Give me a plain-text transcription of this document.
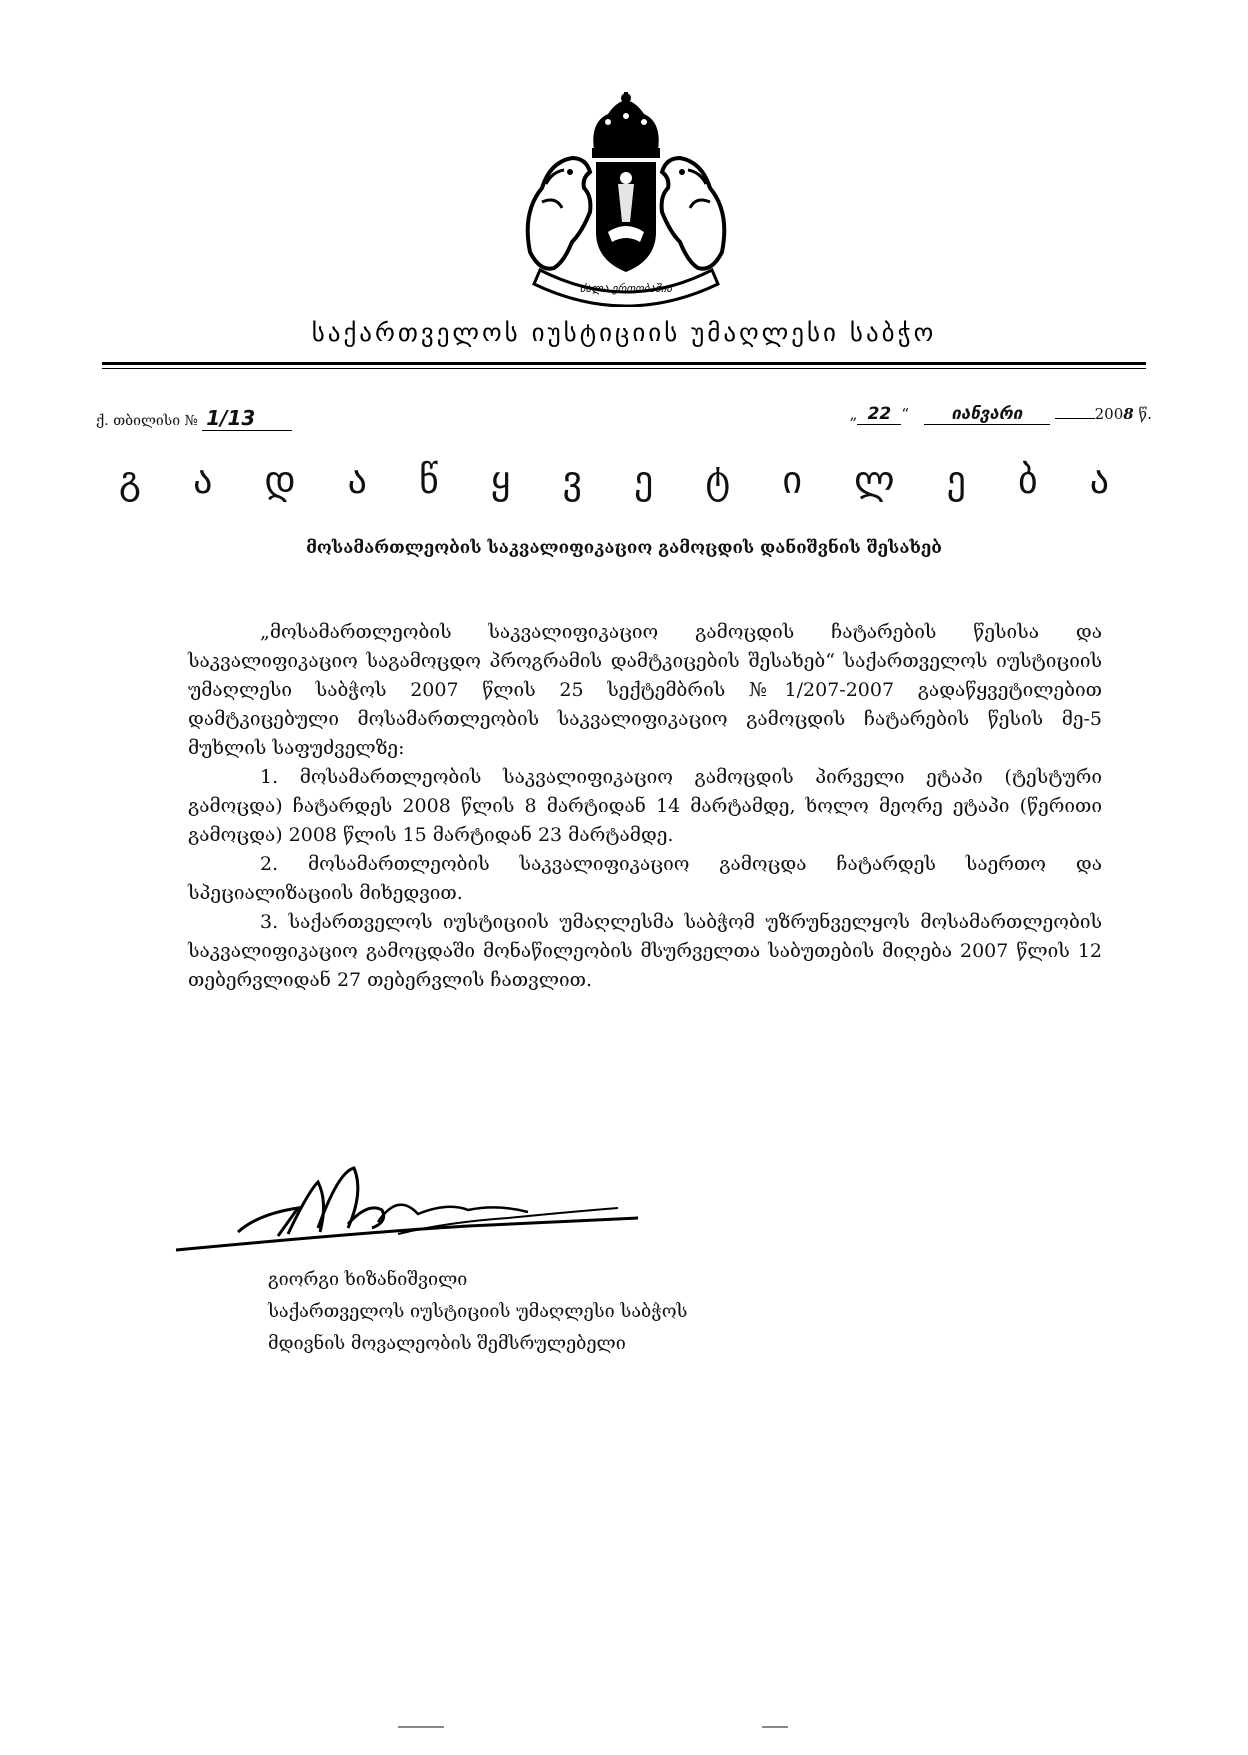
ძალა ერთობაშია
საქართველოს იუსტიციის უმაღლესი საბჭო
ქ. თბილისი № 1/13	„ 22 “ იანვარი	2008 წ.
გ ა დ ა წ ყ ვ ე ტ ი ლ ე ბ ა
მოსამართლეობის საკვალიფიკაციო გამოცდის დანიშვნის შესახებ

„მოსამართლეობის საკვალიფიკაციო გამოცდის ჩატარების წესისა და საკვალიფიკაციო საგამოცდო პროგრამის დამტკიცების შესახებ“ საქართველოს იუსტიციის უმაღლესი საბჭოს 2007 წლის 25 სექტემბრის №1/207-2007 გადაწყვეტილებით დამტკიცებული მოსამართლეობის საკვალიფიკაციო გამოცდის ჩატარების წესის მე-5 მუხლის საფუძველზე:

1. მოსამართლეობის საკვალიფიკაციო გამოცდის პირველი ეტაპი (ტესტური გამოცდა) ჩატარდეს 2008 წლის 8 მარტიდან 14 მარტამდე, ხოლო მეორე ეტაპი (წერითი გამოცდა) 2008 წლის 15 მარტიდან 23 მარტამდე.

2. მოსამართლეობის საკვალიფიკაციო გამოცდა ჩატარდეს საერთო და სპეციალიზაციის მიხედვით.

3. საქართველოს იუსტიციის უმაღლესმა საბჭომ უზრუნველყოს მოსამართლეობის საკვალიფიკაციო გამოცდაში მონაწილეობის მსურველთა საბუთების მიღება 2007 წლის 12 თებერვლიდან 27 თებერვლის ჩათვლით.

გიორგი ხიზანიშვილი
საქართველოს იუსტიციის უმაღლესი საბჭოს
მდივნის მოვალეობის შემსრულებელი
